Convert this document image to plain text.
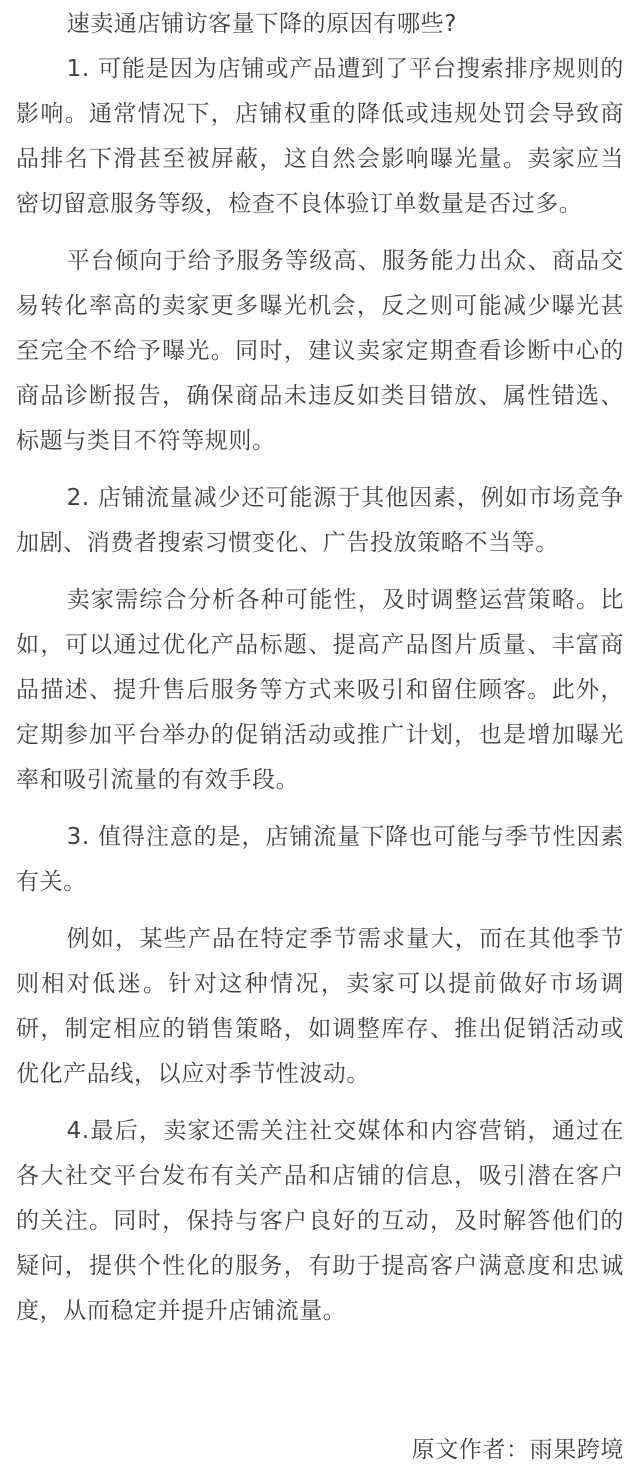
速卖通店铺访客量下降的原因有哪些?

1. 可能是因为店铺或产品遭到了平台搜索排序规则的影响。通常情况下，店铺权重的降低或违规处罚会导致商品排名下滑甚至被屏蔽，这自然会影响曝光量。卖家应当密切留意服务等级，检查不良体验订单数量是否过多。

平台倾向于给予服务等级高、服务能力出众、商品交易转化率高的卖家更多曝光机会，反之则可能减少曝光甚至完全不给予曝光。同时，建议卖家定期查看诊断中心的商品诊断报告，确保商品未违反如类目错放、属性错选、标题与类目不符等规则。

2. 店铺流量减少还可能源于其他因素，例如市场竞争加剧、消费者搜索习惯变化、广告投放策略不当等。

卖家需综合分析各种可能性，及时调整运营策略。比如，可以通过优化产品标题、提高产品图片质量、丰富商品描述、提升售后服务等方式来吸引和留住顾客。此外，定期参加平台举办的促销活动或推广计划，也是增加曝光率和吸引流量的有效手段。

3. 值得注意的是，店铺流量下降也可能与季节性因素有关。

例如，某些产品在特定季节需求量大，而在其他季节则相对低迷。针对这种情况，卖家可以提前做好市场调研，制定相应的销售策略，如调整库存、推出促销活动或优化产品线，以应对季节性波动。

4.最后，卖家还需关注社交媒体和内容营销，通过在各大社交平台发布有关产品和店铺的信息，吸引潜在客户的关注。同时，保持与客户良好的互动，及时解答他们的疑问，提供个性化的服务，有助于提高客户满意度和忠诚度，从而稳定并提升店铺流量。

原文作者：雨果跨境
